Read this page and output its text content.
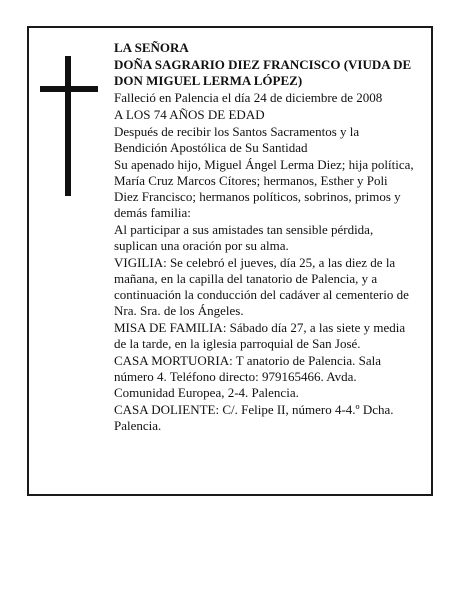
LA SEÑORA

DOÑA SAGRARIO DIEZ FRANCISCO (VIUDA DE DON MIGUEL LERMA LÓPEZ)

Falleció en Palencia el día 24 de diciembre de 2008

A LOS 74 AÑOS DE EDAD

Después de recibir los Santos Sacramentos y la Bendición Apostólica de Su Santidad

Su apenado hijo, Miguel Ángel Lerma Diez; hija política, María Cruz Marcos Cítores; hermanos, Esther y Poli Diez Francisco; hermanos políticos, sobrinos, primos y demás familia:

Al participar a sus amistades tan sensible pérdida, suplican una oración por su alma.

VIGILIA: Se celebró el jueves, día 25, a las diez de la mañana, en la capilla del tanatorio de Palencia, y a continuación la conducción del cadáver al cementerio de Nra. Sra. de los Ángeles.

MISA DE FAMILIA: Sábado día 27, a las siete y media de la tarde, en la iglesia parroquial de San José.

CASA MORTUORIA: T anatorio de Palencia. Sala número 4. Teléfono directo: 979165466. Avda. Comunidad Europea, 2-4. Palencia.

CASA DOLIENTE: C/. Felipe II, número 4-4.º Dcha. Palencia.
